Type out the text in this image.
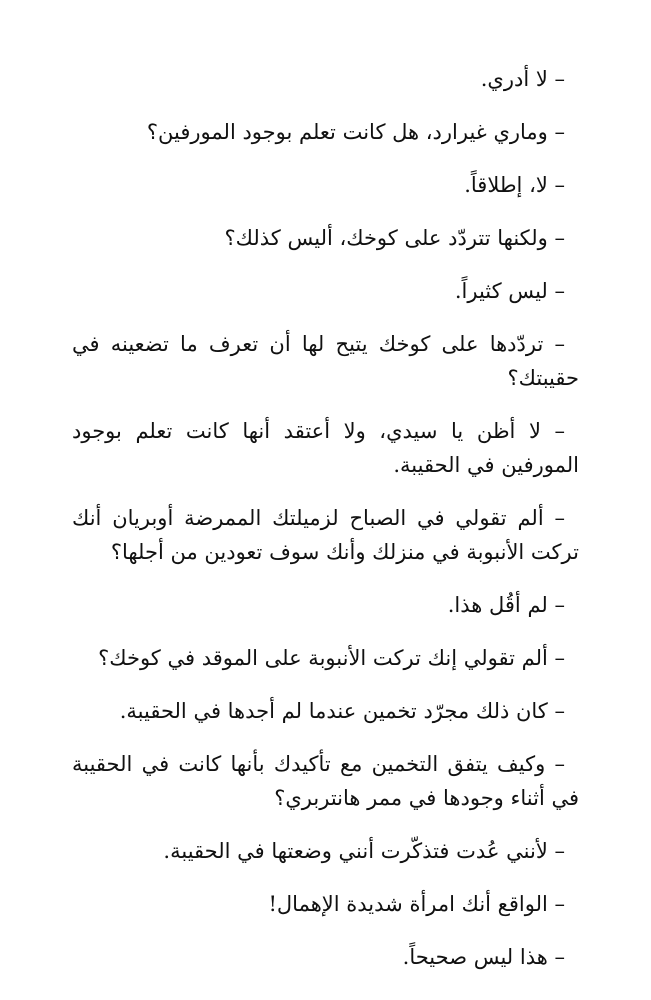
– لا أدري.

– وماري غيرارد، هل كانت تعلم بوجود المورفين؟

– لا، إطلاقاً.

– ولكنها تتردّد على كوخك، أليس كذلك؟

– ليس كثيراً.

– تردّدها على كوخك يتيح لها أن تعرف ما تضعينه في حقيبتك؟

– لا أظن يا سيدي، ولا أعتقد أنها كانت تعلم بوجود المورفين في الحقيبة.

– ألم تقولي في الصباح لزميلتك الممرضة أوبريان أنك تركت الأنبوبة في منزلك وأنك سوف تعودين من أجلها؟

– لم أقُل هذا.

– ألم تقولي إنك تركت الأنبوبة على الموقد في كوخك؟

– كان ذلك مجرّد تخمين عندما لم أجدها في الحقيبة.

– وكيف يتفق التخمين مع تأكيدك بأنها كانت في الحقيبة في أثناء وجودها في ممر هانتربري؟

– لأنني عُدت فتذكّرت أنني وضعتها في الحقيبة.

– الواقع أنك امرأة شديدة الإهمال!

– هذا ليس صحيحاً.
